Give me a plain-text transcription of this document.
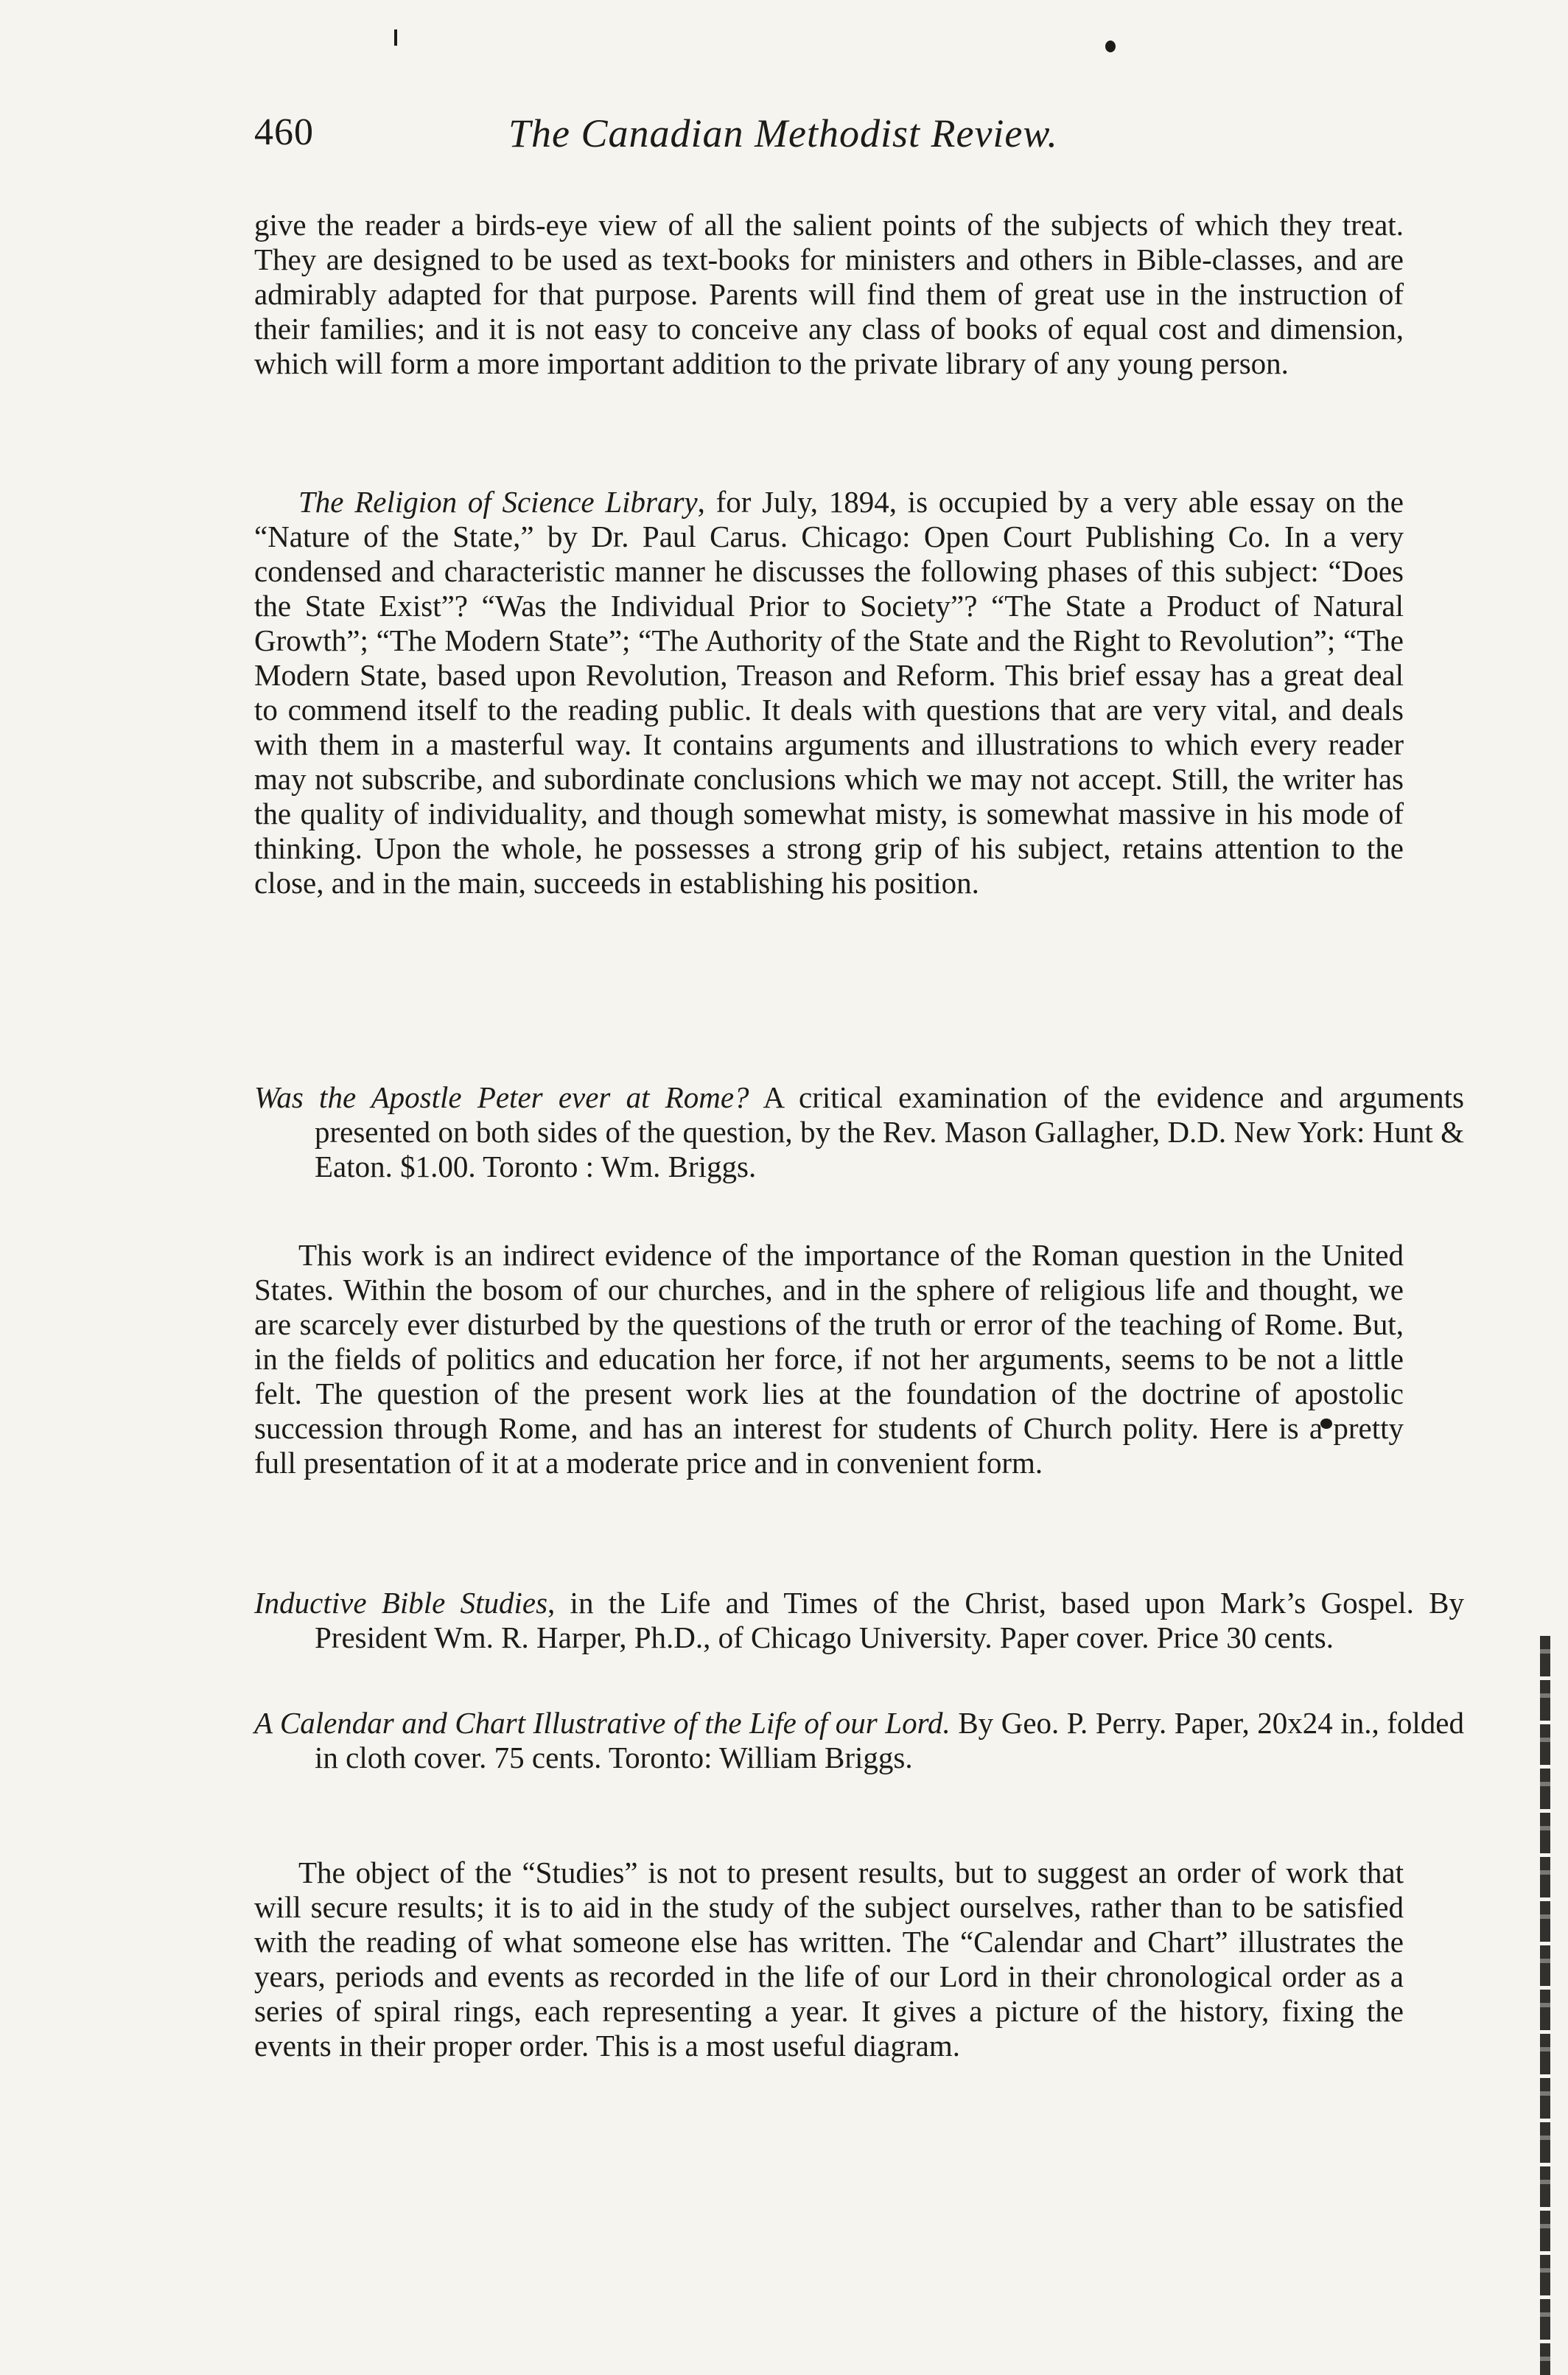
460	The Canadian Methodist Review.

give the reader a birds-eye view of all the salient points of the subjects of which they treat. They are designed to be used as text-books for ministers and others in Bible-classes, and are admirably adapted for that purpose. Parents will find them of great use in the instruction of their families; and it is not easy to conceive any class of books of equal cost and dimension, which will form a more important addition to the private library of any young person.

The Religion of Science Library, for July, 1894, is occupied by a very able essay on the “Nature of the State,” by Dr. Paul Carus. Chicago: Open Court Publishing Co. In a very condensed and characteristic manner he discusses the following phases of this subject: “Does the State Exist”? “Was the Individual Prior to Society”? “The State a Product of Natural Growth”; “The Modern State”; “The Authority of the State and the Right to Revolution”; “The Modern State, based upon Revolution, Treason and Reform. This brief essay has a great deal to commend itself to the reading public. It deals with questions that are very vital, and deals with them in a masterful way. It contains arguments and illustrations to which every reader may not subscribe, and subordinate conclusions which we may not accept. Still, the writer has the quality of individuality, and though somewhat misty, is somewhat massive in his mode of thinking. Upon the whole, he possesses a strong grip of his subject, retains attention to the close, and in the main, succeeds in establishing his position.

Was the Apostle Peter ever at Rome? A critical examination of the evidence and arguments presented on both sides of the question, by the Rev. Mason Gallagher, D.D. New York: Hunt & Eaton. $1.00. Toronto : Wm. Briggs.

This work is an indirect evidence of the importance of the Roman question in the United States. Within the bosom of our churches, and in the sphere of religious life and thought, we are scarcely ever disturbed by the questions of the truth or error of the teaching of Rome. But, in the fields of politics and education her force, if not her arguments, seems to be not a little felt. The question of the present work lies at the foundation of the doctrine of apostolic succession through Rome, and has an interest for students of Church polity. Here is a pretty full presentation of it at a moderate price and in convenient form.

Inductive Bible Studies, in the Life and Times of the Christ, based upon Mark’s Gospel. By President Wm. R. Harper, Ph.D., of Chicago University. Paper cover. Price 30 cents.

A Calendar and Chart Illustrative of the Life of our Lord. By Geo. P. Perry. Paper, 20x24 in., folded in cloth cover. 75 cents. Toronto: William Briggs.

The object of the “Studies” is not to present results, but to suggest an order of work that will secure results; it is to aid in the study of the subject ourselves, rather than to be satisfied with the reading of what someone else has written. The “Calendar and Chart” illustrates the years, periods and events as recorded in the life of our Lord in their chronological order as a series of spiral rings, each representing a year. It gives a picture of the history, fixing the events in their proper order. This is a most useful diagram.
